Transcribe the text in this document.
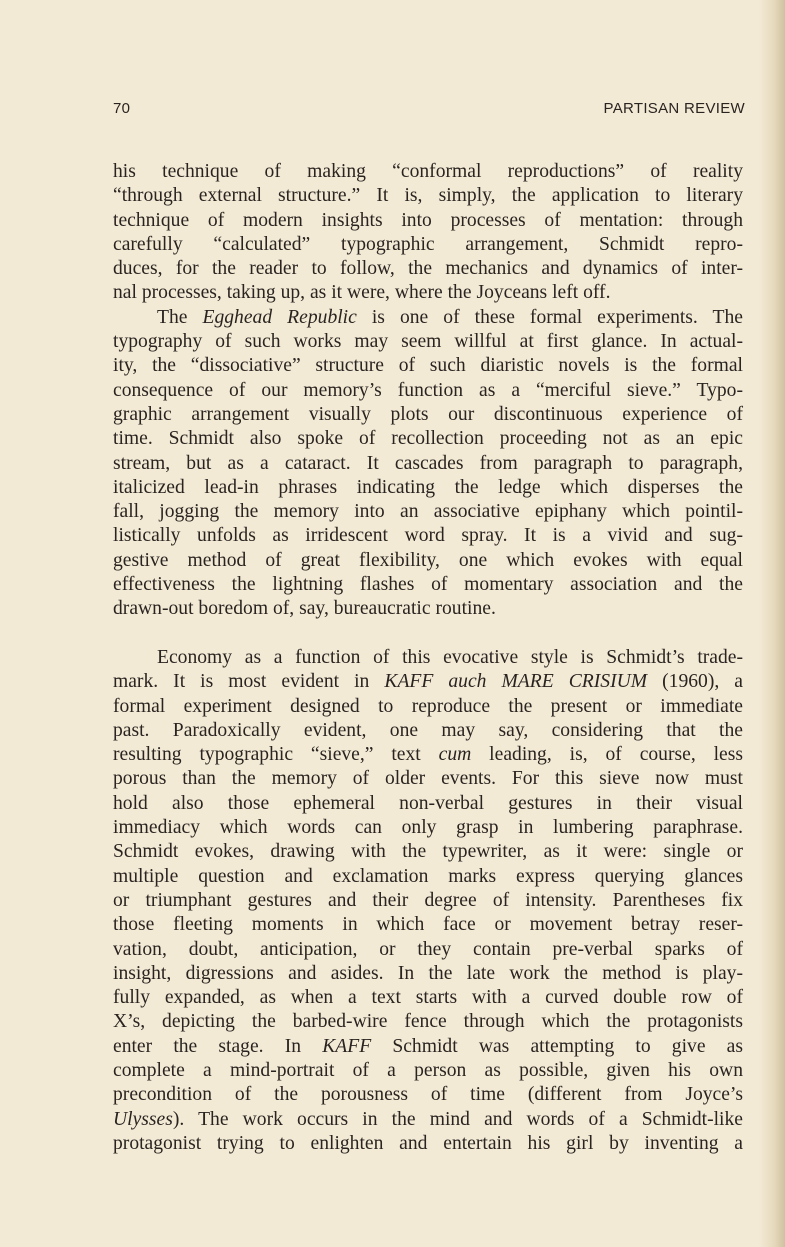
70	PARTISAN REVIEW
his technique of making “conformal reproductions” of reality
“through external structure.” It is, simply, the application to literary
technique of modern insights into processes of mentation: through
carefully “calculated” typographic arrangement, Schmidt repro-
duces, for the reader to follow, the mechanics and dynamics of inter-
nal processes, taking up, as it were, where the Joyceans left off.
The Egghead Republic is one of these formal experiments. The
typography of such works may seem willful at first glance. In actual-
ity, the “dissociative” structure of such diaristic novels is the formal
consequence of our memory’s function as a “merciful sieve.” Typo-
graphic arrangement visually plots our discontinuous experience of
time. Schmidt also spoke of recollection proceeding not as an epic
stream, but as a cataract. It cascades from paragraph to paragraph,
italicized lead-in phrases indicating the ledge which disperses the
fall, jogging the memory into an associative epiphany which pointil-
listically unfolds as irridescent word spray. It is a vivid and sug-
gestive method of great flexibility, one which evokes with equal
effectiveness the lightning flashes of momentary association and the
drawn-out boredom of, say, bureaucratic routine.
Economy as a function of this evocative style is Schmidt’s trade-
mark. It is most evident in KAFF auch MARE CRISIUM (1960), a
formal experiment designed to reproduce the present or immediate
past. Paradoxically evident, one may say, considering that the
resulting typographic “sieve,” text cum leading, is, of course, less
porous than the memory of older events. For this sieve now must
hold also those ephemeral non-verbal gestures in their visual
immediacy which words can only grasp in lumbering paraphrase.
Schmidt evokes, drawing with the typewriter, as it were: single or
multiple question and exclamation marks express querying glances
or triumphant gestures and their degree of intensity. Parentheses fix
those fleeting moments in which face or movement betray reser-
vation, doubt, anticipation, or they contain pre-verbal sparks of
insight, digressions and asides. In the late work the method is play-
fully expanded, as when a text starts with a curved double row of
X’s, depicting the barbed-wire fence through which the protagonists
enter the stage. In KAFF Schmidt was attempting to give as
complete a mind-portrait of a person as possible, given his own
precondition of the porousness of time (different from Joyce’s
Ulysses). The work occurs in the mind and words of a Schmidt-like
protagonist trying to enlighten and entertain his girl by inventing a
